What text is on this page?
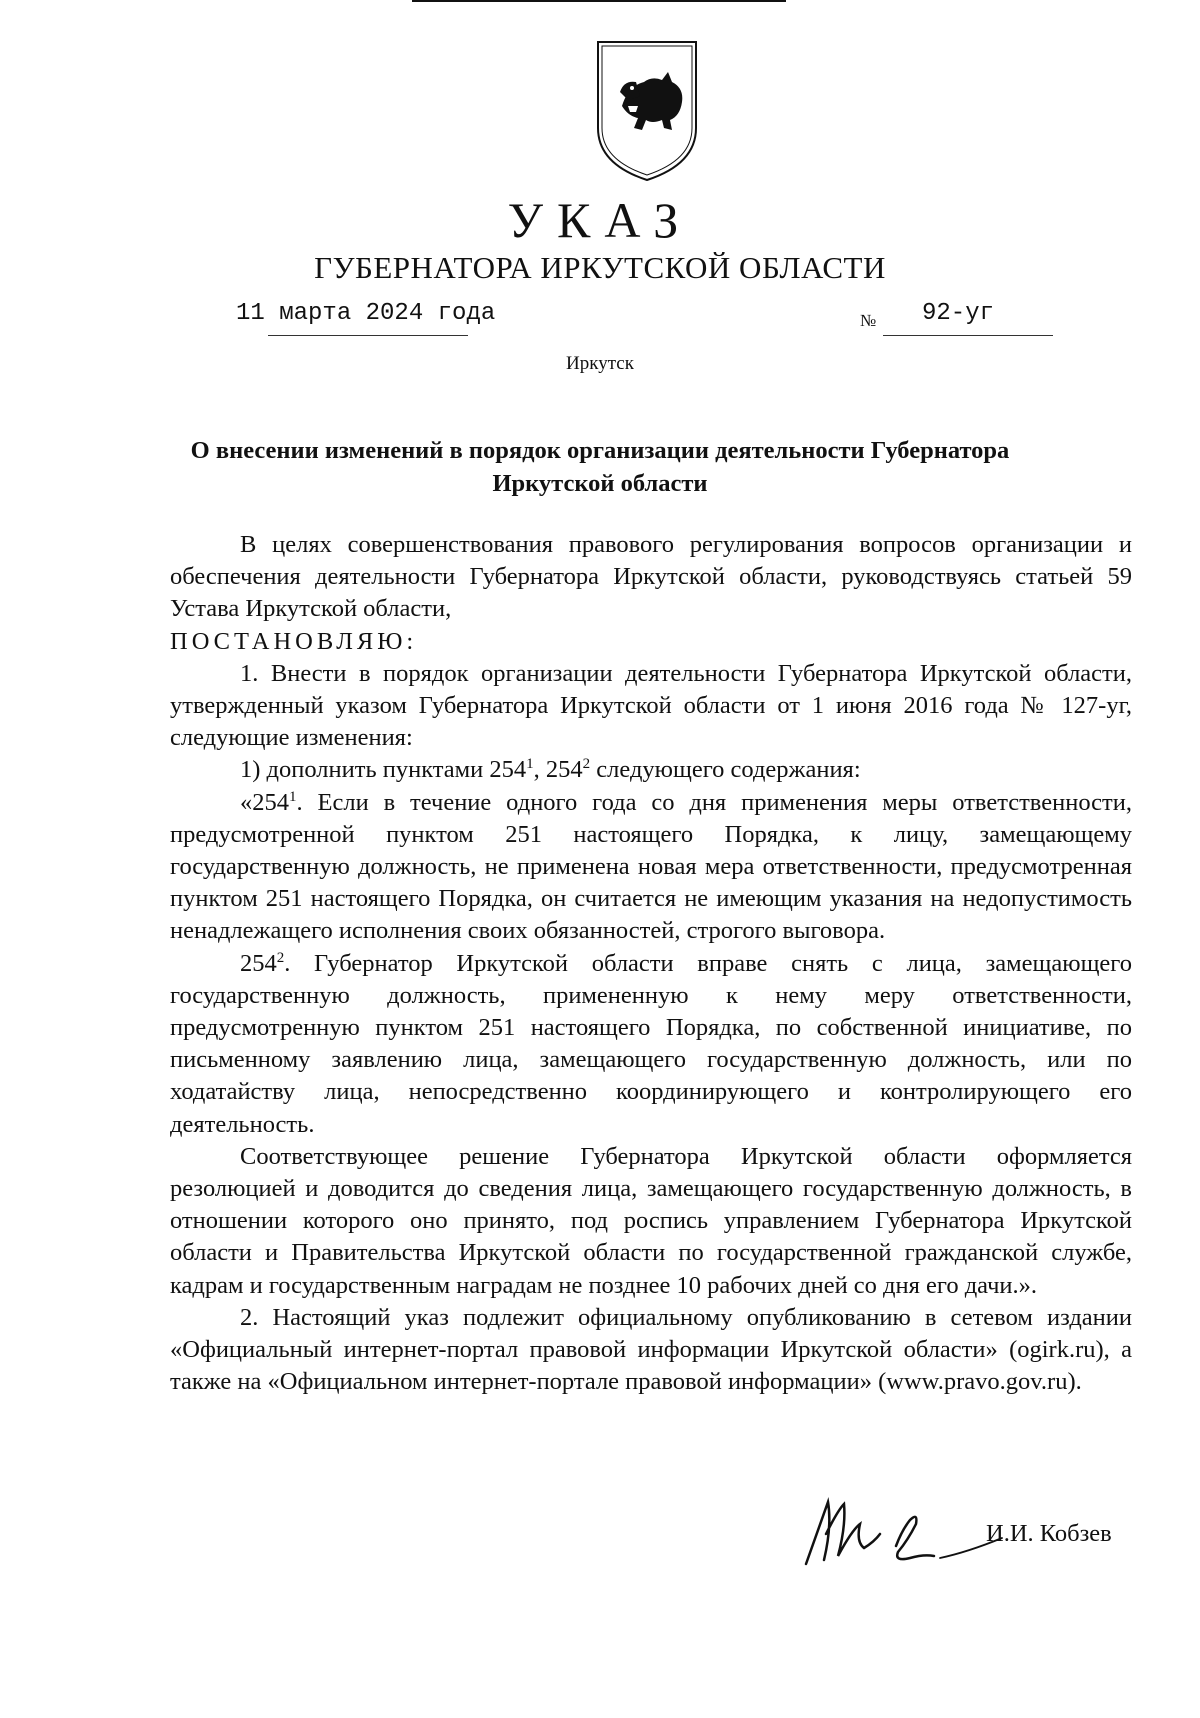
УКАЗ
ГУБЕРНАТОРА ИРКУТСКОЙ ОБЛАСТИ
11 марта 2024 года	№ 92-уг
Иркутск
О внесении изменений в порядок организации деятельности Губернатора Иркутской области

В целях совершенствования правового регулирования вопросов организации и обеспечения деятельности Губернатора Иркутской области, руководствуясь статьей 59 Устава Иркутской области,

ПОСТАНОВЛЯЮ:

1. Внести в порядок организации деятельности Губернатора Иркутской области, утвержденный указом Губернатора Иркутской области от 1 июня 2016 года № 127-уг, следующие изменения:

1) дополнить пунктами $254^1$, $254^2$ следующего содержания:

«$254^1$. Если в течение одного года со дня применения меры ответственности, предусмотренной пунктом 251 настоящего Порядка, к лицу, замещающему государственную должность, не применена новая мера ответственности, предусмотренная пунктом 251 настоящего Порядка, он считается не имеющим указания на недопустимость ненадлежащего исполнения своих обязанностей, строгого выговора.

$254^2$. Губернатор Иркутской области вправе снять с лица, замещающего государственную должность, примененную к нему меру ответственности, предусмотренную пунктом 251 настоящего Порядка, по собственной инициативе, по письменному заявлению лица, замещающего государственную должность, или по ходатайству лица, непосредственно координирующего и контролирующего его деятельность.

Соответствующее решение Губернатора Иркутской области оформляется резолюцией и доводится до сведения лица, замещающего государственную должность, в отношении которого оно принято, под роспись управлением Губернатора Иркутской области и Правительства Иркутской области по государственной гражданской службе, кадрам и государственным наградам не позднее 10 рабочих дней со дня его дачи.».

2. Настоящий указ подлежит официальному опубликованию в сетевом издании «Официальный интернет-портал правовой информации Иркутской области» (ogirk.ru), а также на «Официальном интернет-портале правовой информации» (www.pravo.gov.ru).

И.И. Кобзев
